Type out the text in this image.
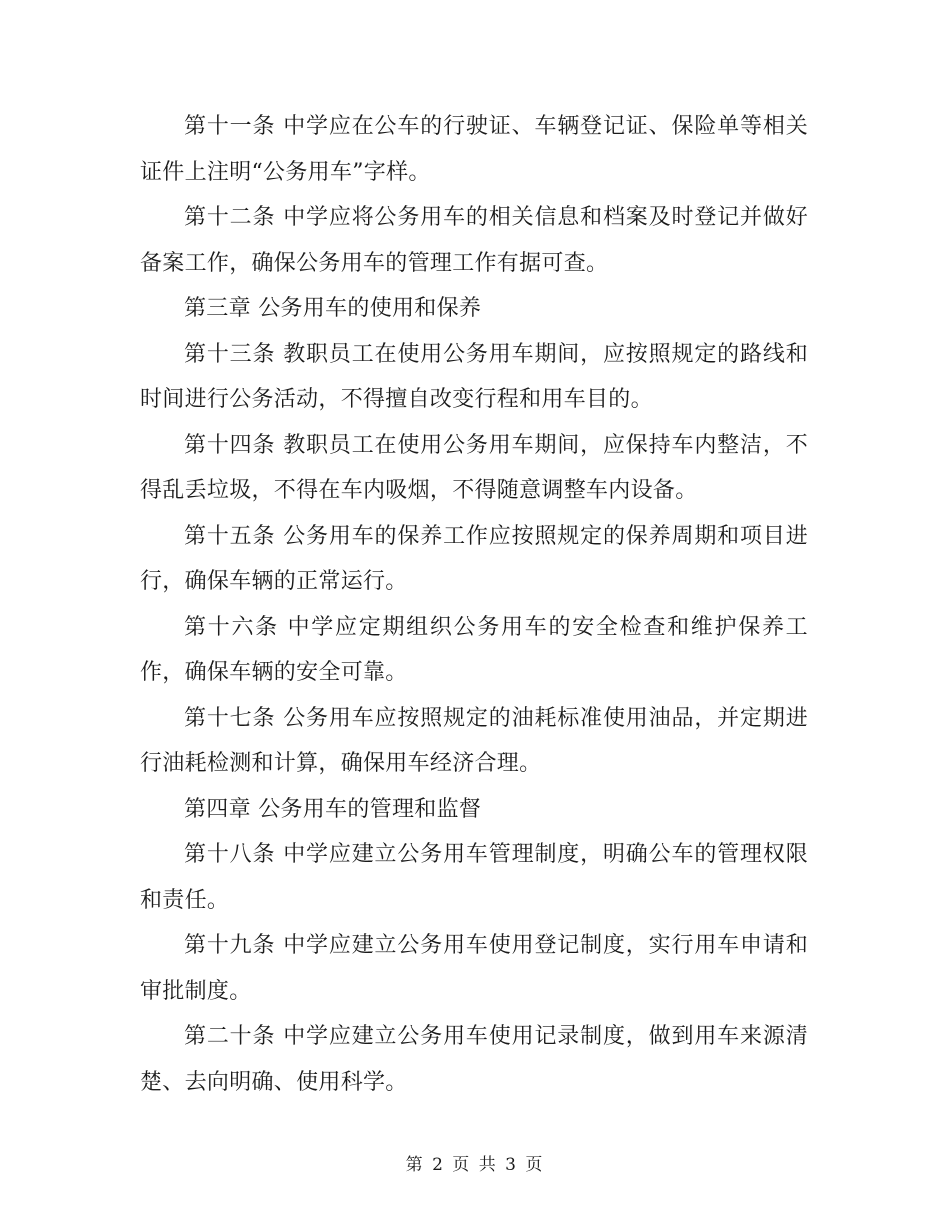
第十一条 中学应在公车的行驶证、车辆登记证、保险单等相关证件上注明“公务用车”字样。

第十二条 中学应将公务用车的相关信息和档案及时登记并做好备案工作，确保公务用车的管理工作有据可查。

第三章 公务用车的使用和保养

第十三条 教职员工在使用公务用车期间，应按照规定的路线和时间进行公务活动，不得擅自改变行程和用车目的。

第十四条 教职员工在使用公务用车期间，应保持车内整洁，不得乱丢垃圾，不得在车内吸烟，不得随意调整车内设备。

第十五条 公务用车的保养工作应按照规定的保养周期和项目进行，确保车辆的正常运行。

第十六条 中学应定期组织公务用车的安全检查和维护保养工作，确保车辆的安全可靠。

第十七条 公务用车应按照规定的油耗标准使用油品，并定期进行油耗检测和计算，确保用车经济合理。

第四章 公务用车的管理和监督

第十八条 中学应建立公务用车管理制度，明确公车的管理权限和责任。

第十九条 中学应建立公务用车使用登记制度，实行用车申请和审批制度。

第二十条 中学应建立公务用车使用记录制度，做到用车来源清楚、去向明确、使用科学。

第 2 页 共 3 页
